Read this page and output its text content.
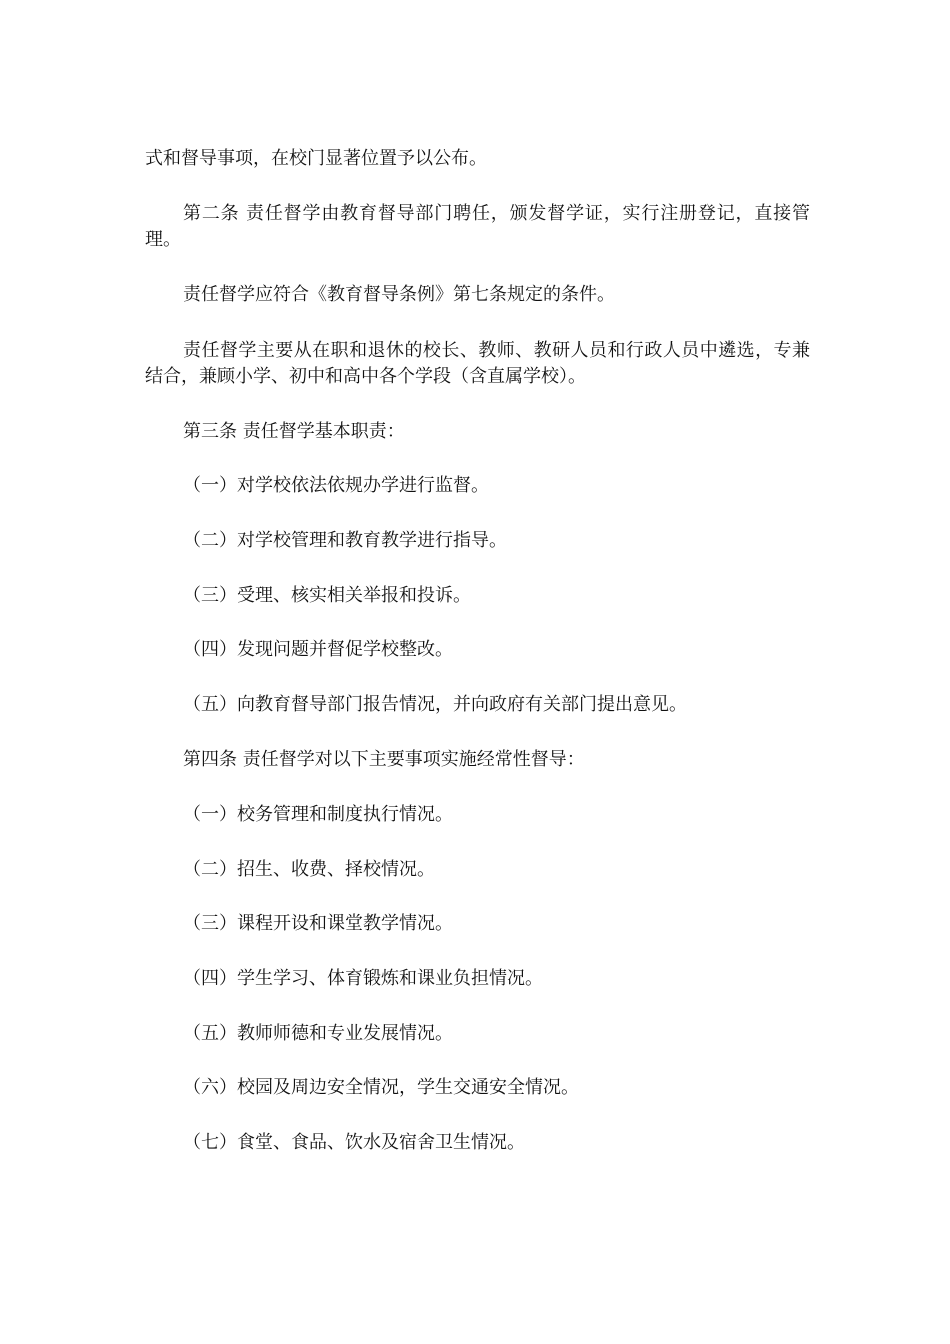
式和督导事项，在校门显著位置予以公布。

第二条 责任督学由教育督导部门聘任，颁发督学证，实行注册登记，直接管理。

责任督学应符合《教育督导条例》第七条规定的条件。

责任督学主要从在职和退休的校长、教师、教研人员和行政人员中遴选，专兼结合，兼顾小学、初中和高中各个学段（含直属学校）。

第三条 责任督学基本职责：

（一）对学校依法依规办学进行监督。

（二）对学校管理和教育教学进行指导。

（三）受理、核实相关举报和投诉。

（四）发现问题并督促学校整改。

（五）向教育督导部门报告情况，并向政府有关部门提出意见。

第四条 责任督学对以下主要事项实施经常性督导：

（一）校务管理和制度执行情况。

（二）招生、收费、择校情况。

（三）课程开设和课堂教学情况。

（四）学生学习、体育锻炼和课业负担情况。

（五）教师师德和专业发展情况。

（六）校园及周边安全情况，学生交通安全情况。

（七）食堂、食品、饮水及宿舍卫生情况。
